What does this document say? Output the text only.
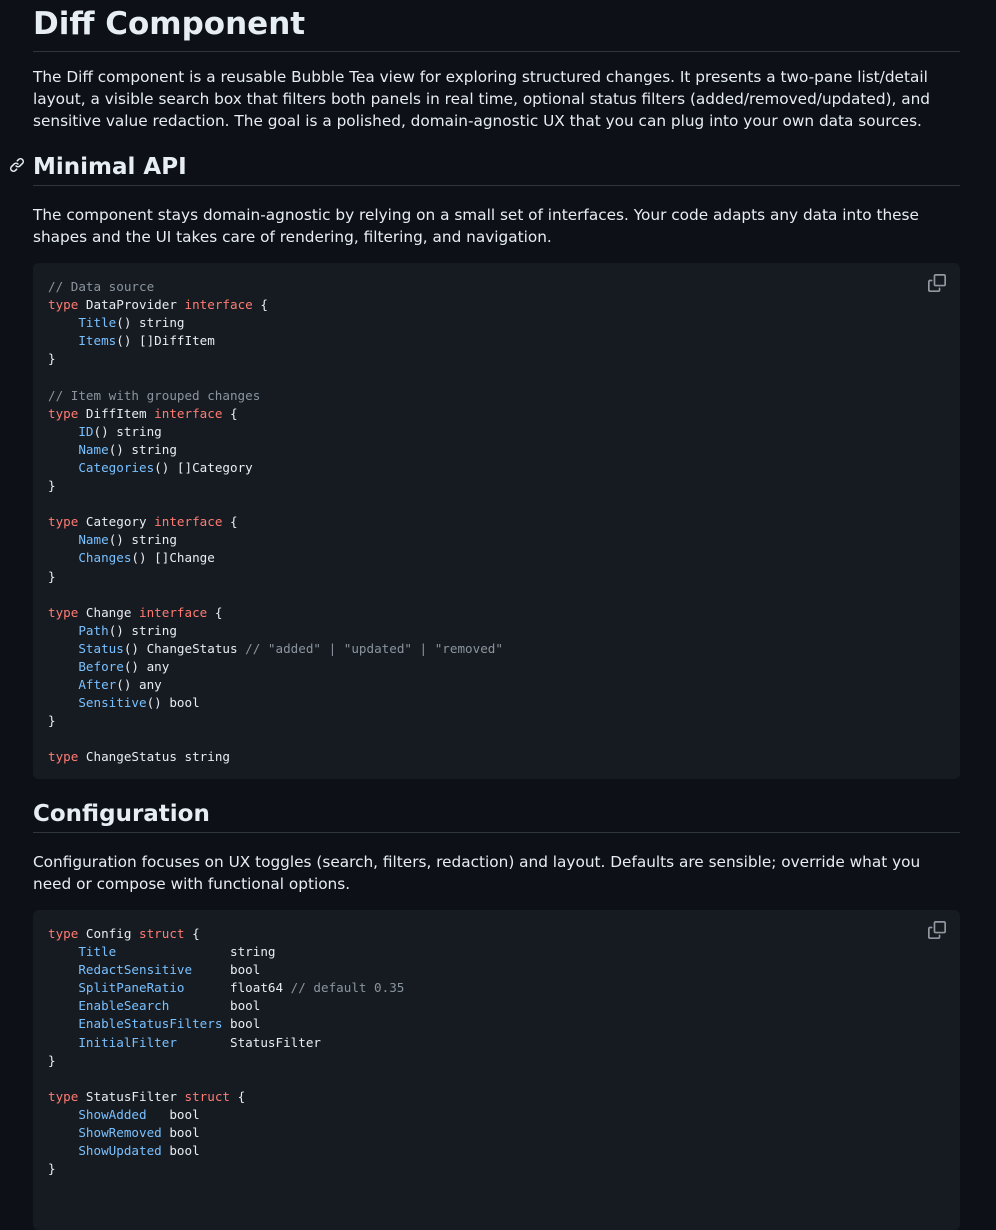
Diff Component

The Diff component is a reusable Bubble Tea view for exploring structured changes. It presents a two-pane list/detail layout, a visible search box that filters both panels in real time, optional status filters (added/removed/updated), and sensitive value redaction. The goal is a polished, domain-agnostic UX that you can plug into your own data sources.

Minimal API

The component stays domain-agnostic by relying on a small set of interfaces. Your code adapts any data into these shapes and the UI takes care of rendering, filtering, and navigation.

// Data source
type DataProvider interface {
Title() string
Items() []DiffItem
}

// Item with grouped changes
type DiffItem interface {
ID() string
Name() string
Categories() []Category
}

type Category interface {
Name() string
Changes() []Change
}

type Change interface {
Path() string
Status() ChangeStatus // "added" | "updated" | "removed"
Before() any
After() any
Sensitive() bool
}

type ChangeStatus string
Configuration

Configuration focuses on UX toggles (search, filters, redaction) and layout. Defaults are sensible; override what you need or compose with functional options.

type Config struct {
Title               string
RedactSensitive     bool
SplitPaneRatio      float64 // default 0.35
EnableSearch        bool
EnableStatusFilters bool
InitialFilter       StatusFilter
}

type StatusFilter struct {
ShowAdded   bool
ShowRemoved bool
ShowUpdated bool
}
